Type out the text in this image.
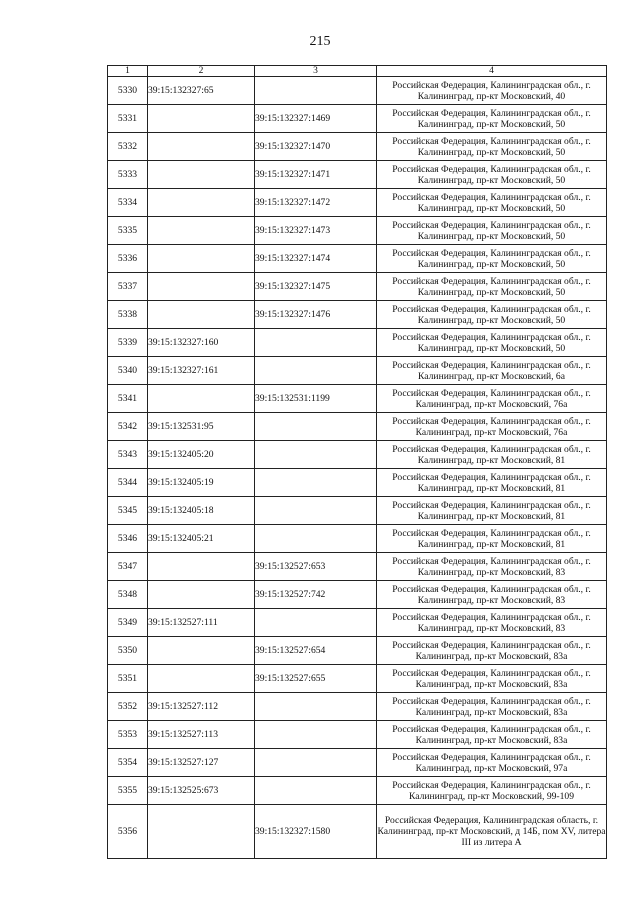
215
1	2	3	4
5330	39:15:132327:65		Российская Федерация, Калининградская обл., г. Калининград, пр-кт Московский, 40
5331		39:15:132327:1469	Российская Федерация, Калининградская обл., г. Калининград, пр-кт Московский, 50
5332		39:15:132327:1470	Российская Федерация, Калининградская обл., г. Калининград, пр-кт Московский, 50
5333		39:15:132327:1471	Российская Федерация, Калининградская обл., г. Калининград, пр-кт Московский, 50
5334		39:15:132327:1472	Российская Федерация, Калининградская обл., г. Калининград, пр-кт Московский, 50
5335		39:15:132327:1473	Российская Федерация, Калининградская обл., г. Калининград, пр-кт Московский, 50
5336		39:15:132327:1474	Российская Федерация, Калининградская обл., г. Калининград, пр-кт Московский, 50
5337		39:15:132327:1475	Российская Федерация, Калининградская обл., г. Калининград, пр-кт Московский, 50
5338		39:15:132327:1476	Российская Федерация, Калининградская обл., г. Калининград, пр-кт Московский, 50
5339	39:15:132327:160		Российская Федерация, Калининградская обл., г. Калининград, пр-кт Московский, 50
5340	39:15:132327:161		Российская Федерация, Калининградская обл., г. Калининград, пр-кт Московский, 6а
5341		39:15:132531:1199	Российская Федерация, Калининградская обл., г. Калининград, пр-кт Московский, 76а
5342	39:15:132531:95		Российская Федерация, Калининградская обл., г. Калининград, пр-кт Московский, 76а
5343	39:15:132405:20		Российская Федерация, Калининградская обл., г. Калининград, пр-кт Московский, 81
5344	39:15:132405:19		Российская Федерация, Калининградская обл., г. Калининград, пр-кт Московский, 81
5345	39:15:132405:18		Российская Федерация, Калининградская обл., г. Калининград, пр-кт Московский, 81
5346	39:15:132405:21		Российская Федерация, Калининградская обл., г. Калининград, пр-кт Московский, 81
5347		39:15:132527:653	Российская Федерация, Калининградская обл., г. Калининград, пр-кт Московский, 83
5348		39:15:132527:742	Российская Федерация, Калининградская обл., г. Калининград, пр-кт Московский, 83
5349	39:15:132527:111		Российская Федерация, Калининградская обл., г. Калининград, пр-кт Московский, 83
5350		39:15:132527:654	Российская Федерация, Калининградская обл., г. Калининград, пр-кт Московский, 83а
5351		39:15:132527:655	Российская Федерация, Калининградская обл., г. Калининград, пр-кт Московский, 83а
5352	39:15:132527:112		Российская Федерация, Калининградская обл., г. Калининград, пр-кт Московский, 83а
5353	39:15:132527:113		Российская Федерация, Калининградская обл., г. Калининград, пр-кт Московский, 83а
5354	39:15:132527:127		Российская Федерация, Калининградская обл., г. Калининград, пр-кт Московский, 97а
5355	39:15:132525:673		Российская Федерация, Калининградская обл., г. Калининград, пр-кт Московский, 99-109
5356		39:15:132327:1580	Российская Федерация, Калининградская область, г. Калининград, пр-кт Московский, д 14Б, пом XV, литера III из литера А
